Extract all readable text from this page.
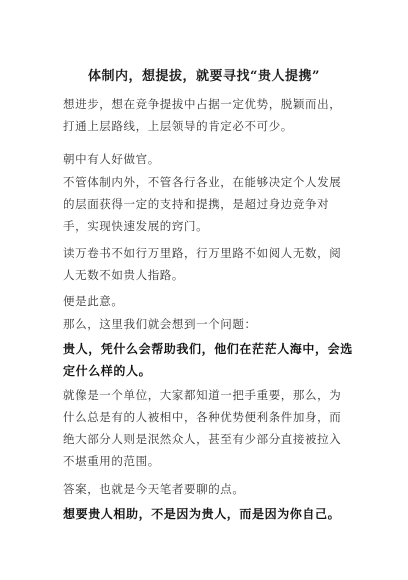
体制内，想提拔，就要寻找“贵人提携”

想进步，想在竞争提拔中占据一定优势，脱颖而出，打通上层路线，上层领导的肯定必不可少。

朝中有人好做官。

不管体制内外，不管各行各业，在能够决定个人发展的层面获得一定的支持和提携，是超过身边竞争对手，实现快速发展的窍门。

读万卷书不如行万里路，行万里路不如阅人无数，阅人无数不如贵人指路。

便是此意。

那么，这里我们就会想到一个问题：

贵人，凭什么会帮助我们，他们在茫茫人海中，会选定什么样的人。

就像是一个单位，大家都知道一把手重要，那么，为什么总是有的人被相中，各种优势便利条件加身，而绝大部分人则是泯然众人，甚至有少部分直接被拉入不堪重用的范围。

答案，也就是今天笔者要聊的点。

想要贵人相助，不是因为贵人，而是因为你自己。
